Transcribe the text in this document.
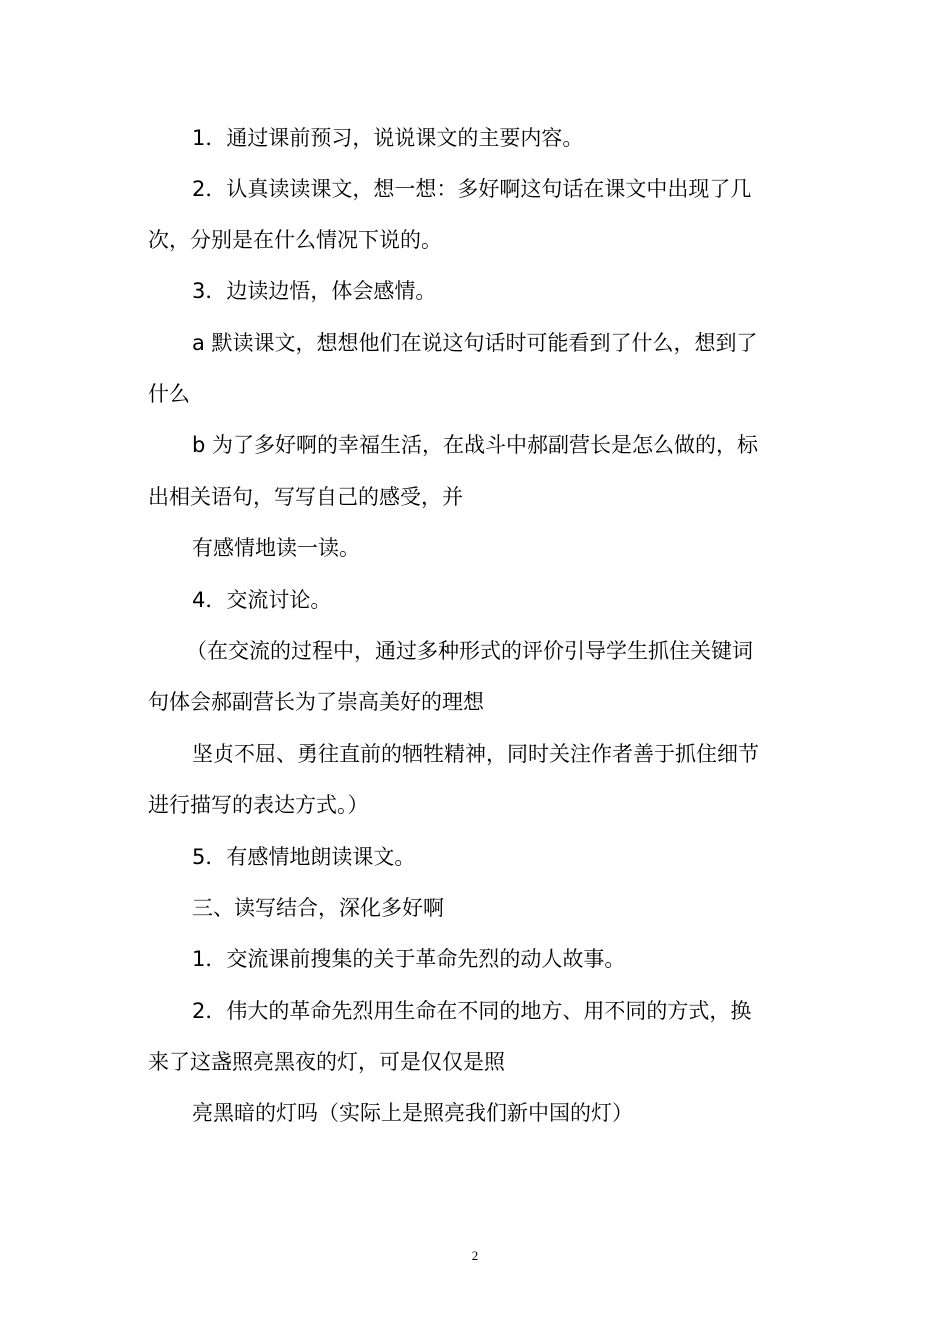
1．通过课前预习，说说课文的主要内容。
2．认真读读课文，想一想：多好啊这句话在课文中出现了几
次，分别是在什么情况下说的。
3．边读边悟，体会感情。
a 默读课文，想想他们在说这句话时可能看到了什么，想到了
什么
b 为了多好啊的幸福生活，在战斗中郝副营长是怎么做的，标
出相关语句，写写自己的感受，并
有感情地读一读。
4．交流讨论。
（在交流的过程中，通过多种形式的评价引导学生抓住关键词
句体会郝副营长为了崇高美好的理想
坚贞不屈、勇往直前的牺牲精神，同时关注作者善于抓住细节
进行描写的表达方式。）
5．有感情地朗读课文。
三、读写结合，深化多好啊
1．交流课前搜集的关于革命先烈的动人故事。
2．伟大的革命先烈用生命在不同的地方、用不同的方式，换
来了这盏照亮黑夜的灯，可是仅仅是照
亮黑暗的灯吗（实际上是照亮我们新中国的灯）
2
